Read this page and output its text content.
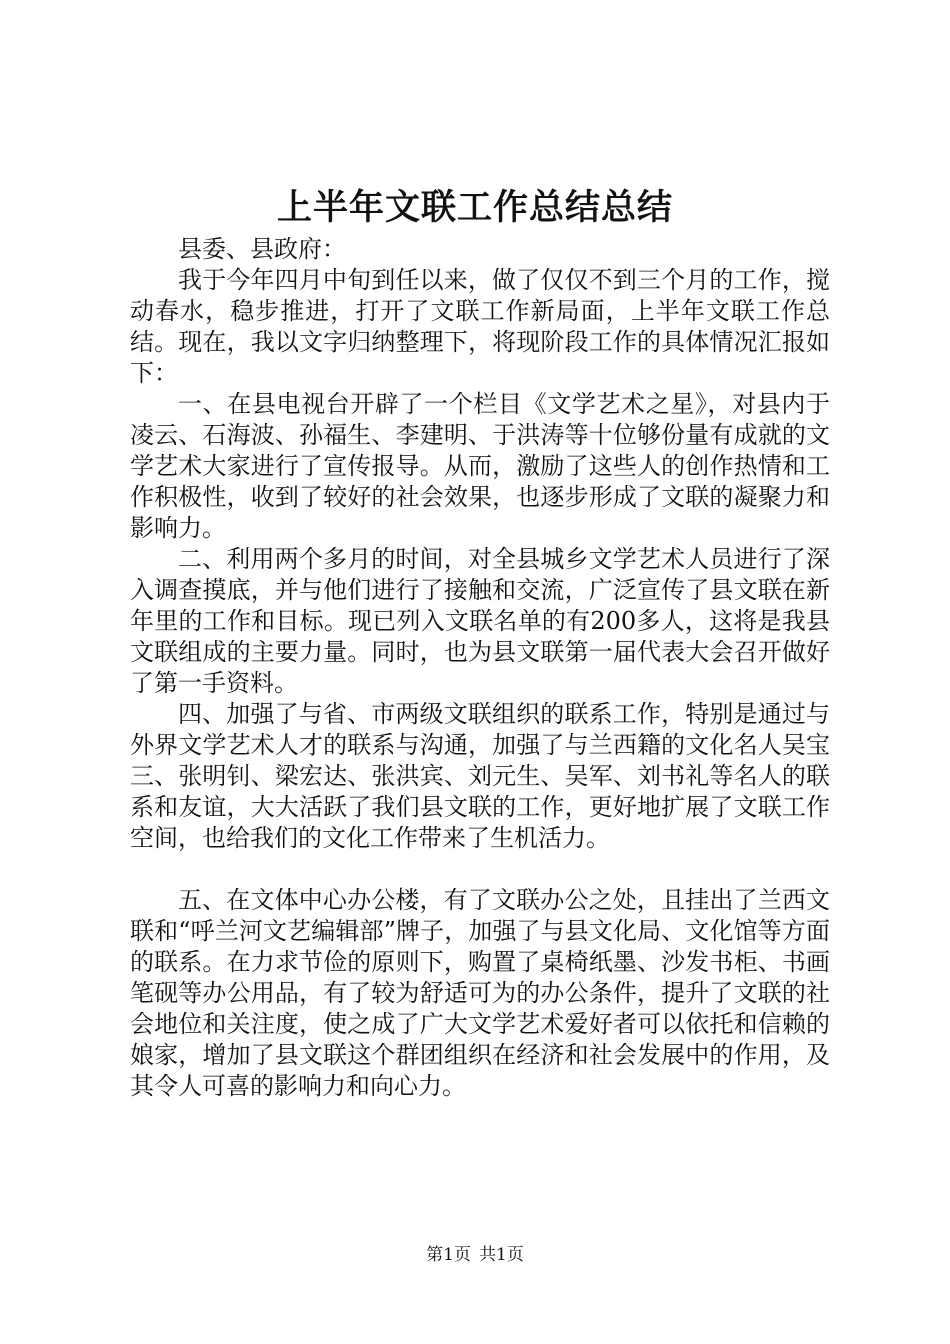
上半年文联工作总结总结

县委、县政府：

我于今年四月中旬到任以来，做了仅仅不到三个月的工作，搅动春水，稳步推进，打开了文联工作新局面，上半年文联工作总结。现在，我以文字归纳整理下，将现阶段工作的具体情况汇报如下：

一、在县电视台开辟了一个栏目《文学艺术之星》，对县内于凌云、石海波、孙福生、李建明、于洪涛等十位够份量有成就的文学艺术大家进行了宣传报导。从而，激励了这些人的创作热情和工作积极性，收到了较好的社会效果，也逐步形成了文联的凝聚力和影响力。

二、利用两个多月的时间，对全县城乡文学艺术人员进行了深入调查摸底，并与他们进行了接触和交流，广泛宣传了县文联在新年里的工作和目标。现已列入文联名单的有200多人，这将是我县文联组成的主要力量。同时，也为县文联第一届代表大会召开做好了第一手资料。

四、加强了与省、市两级文联组织的联系工作，特别是通过与外界文学艺术人才的联系与沟通，加强了与兰西籍的文化名人吴宝三、张明钊、梁宏达、张洪宾、刘元生、吴军、刘书礼等名人的联系和友谊，大大活跃了我们县文联的工作，更好地扩展了文联工作空间，也给我们的文化工作带来了生机活力。

五、在文体中心办公楼，有了文联办公之处，且挂出了兰西文联和“呼兰河文艺编辑部”牌子，加强了与县文化局、文化馆等方面的联系。在力求节俭的原则下，购置了桌椅纸墨、沙发书柜、书画笔砚等办公用品，有了较为舒适可为的办公条件，提升了文联的社会地位和关注度，使之成了广大文学艺术爱好者可以依托和信赖的娘家，增加了县文联这个群团组织在经济和社会发展中的作用，及其令人可喜的影响力和向心力。

第1页 共1页
